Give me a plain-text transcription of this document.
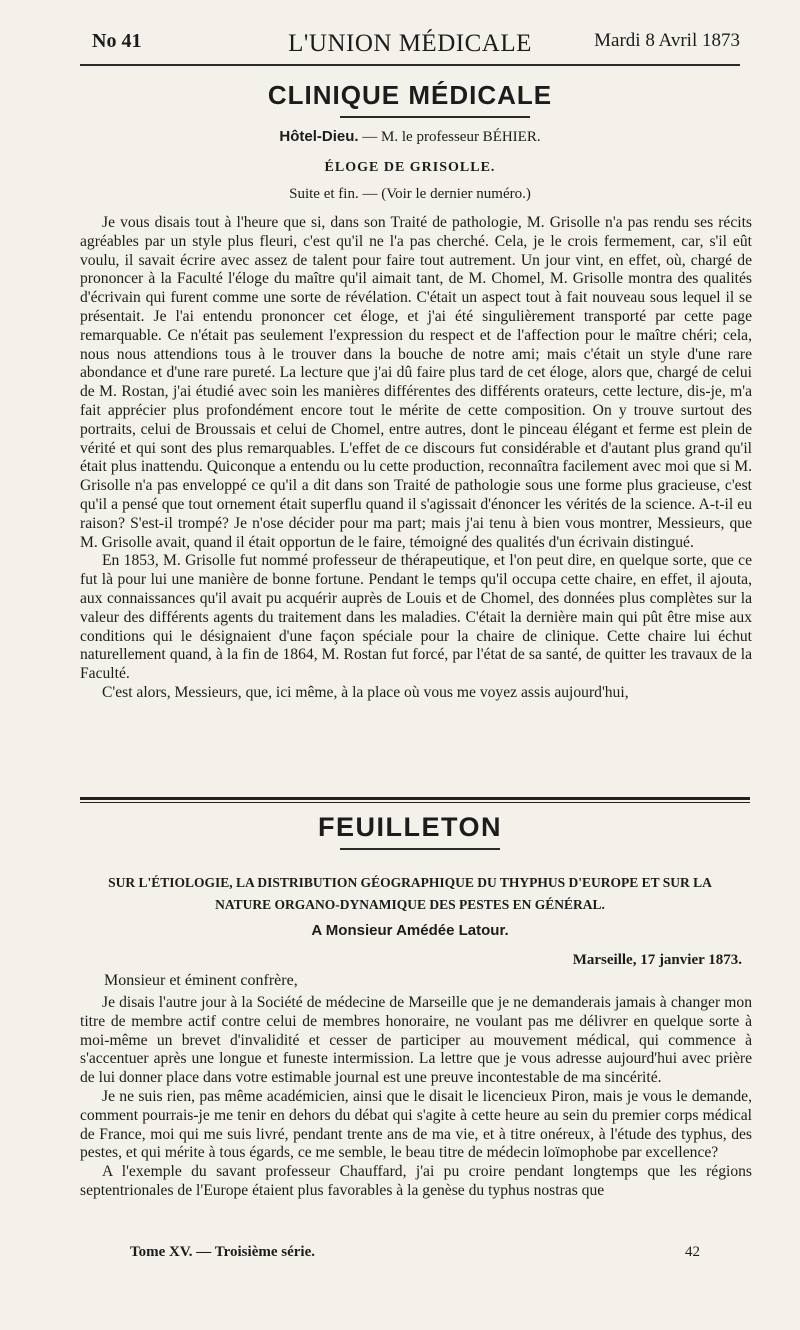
No 41	L'UNION MÉDICALE	Mardi 8 Avril 1873
CLINIQUE MÉDICALE
Hôtel-Dieu. — M. le professeur BÉHIER.
ÉLOGE DE GRISOLLE.
Suite et fin. — (Voir le dernier numéro.)

Je vous disais tout à l'heure que si, dans son Traité de pathologie, M. Grisolle n'a pas rendu ses récits agréables par un style plus fleuri, c'est qu'il ne l'a pas cherché. Cela, je le crois fermement, car, s'il eût voulu, il savait écrire avec assez de talent pour faire tout autrement. Un jour vint, en effet, où, chargé de prononcer à la Faculté l'éloge du maître qu'il aimait tant, de M. Chomel, M. Grisolle montra des qualités d'écrivain qui furent comme une sorte de révélation. C'était un aspect tout à fait nouveau sous lequel il se présentait. Je l'ai entendu prononcer cet éloge, et j'ai été singulièrement transporté par cette page remarquable. Ce n'était pas seulement l'expression du respect et de l'affection pour le maître chéri; cela, nous nous attendions tous à le trouver dans la bouche de notre ami; mais c'était un style d'une rare abondance et d'une rare pureté. La lecture que j'ai dû faire plus tard de cet éloge, alors que, chargé de celui de M. Rostan, j'ai étudié avec soin les manières différentes des différents orateurs, cette lecture, dis-je, m'a fait apprécier plus profondément encore tout le mérite de cette composition. On y trouve surtout des portraits, celui de Broussais et celui de Chomel, entre autres, dont le pinceau élégant et ferme est plein de vérité et qui sont des plus remarquables. L'effet de ce discours fut considérable et d'autant plus grand qu'il était plus inattendu. Quiconque a entendu ou lu cette production, reconnaîtra facilement avec moi que si M. Grisolle n'a pas enveloppé ce qu'il a dit dans son Traité de pathologie sous une forme plus gracieuse, c'est qu'il a pensé que tout ornement était superflu quand il s'agissait d'énoncer les vérités de la science. A-t-il eu raison? S'est-il trompé? Je n'ose décider pour ma part; mais j'ai tenu à bien vous montrer, Messieurs, que M. Grisolle avait, quand il était opportun de le faire, témoigné des qualités d'un écrivain distingué.

En 1853, M. Grisolle fut nommé professeur de thérapeutique, et l'on peut dire, en quelque sorte, que ce fut là pour lui une manière de bonne fortune. Pendant le temps qu'il occupa cette chaire, en effet, il ajouta, aux connaissances qu'il avait pu acquérir auprès de Louis et de Chomel, des données plus complètes sur la valeur des différents agents du traitement dans les maladies. C'était la dernière main qui pût être mise aux conditions qui le désignaient d'une façon spéciale pour la chaire de clinique. Cette chaire lui échut naturellement quand, à la fin de 1864, M. Rostan fut forcé, par l'état de sa santé, de quitter les travaux de la Faculté.

C'est alors, Messieurs, que, ici même, à la place où vous me voyez assis aujourd'hui,

FEUILLETON
SUR L'ÉTIOLOGIE, LA DISTRIBUTION GÉOGRAPHIQUE DU THYPHUS D'EUROPE ET SUR LA NATURE ORGANO-DYNAMIQUE DES PESTES EN GÉNÉRAL.
A Monsieur Amédée Latour.
Marseille, 17 janvier 1873.
Monsieur et éminent confrère,

Je disais l'autre jour à la Société de médecine de Marseille que je ne demanderais jamais à changer mon titre de membre actif contre celui de membres honoraire, ne voulant pas me délivrer en quelque sorte à moi-même un brevet d'invalidité et cesser de participer au mouvement médical, qui commence à s'accentuer après une longue et funeste intermission. La lettre que je vous adresse aujourd'hui avec prière de lui donner place dans votre estimable journal est une preuve incontestable de ma sincérité.

Je ne suis rien, pas même académicien, ainsi que le disait le licencieux Piron, mais je vous le demande, comment pourrais-je me tenir en dehors du débat qui s'agite à cette heure au sein du premier corps médical de France, moi qui me suis livré, pendant trente ans de ma vie, et à titre onéreux, à l'étude des typhus, des pestes, et qui mérite à tous égards, ce me semble, le beau titre de médecin loïmophobe par excellence?

A l'exemple du savant professeur Chauffard, j'ai pu croire pendant longtemps que les régions septentrionales de l'Europe étaient plus favorables à la genèse du typhus nostras que

Tome XV. — Troisième série.	42
